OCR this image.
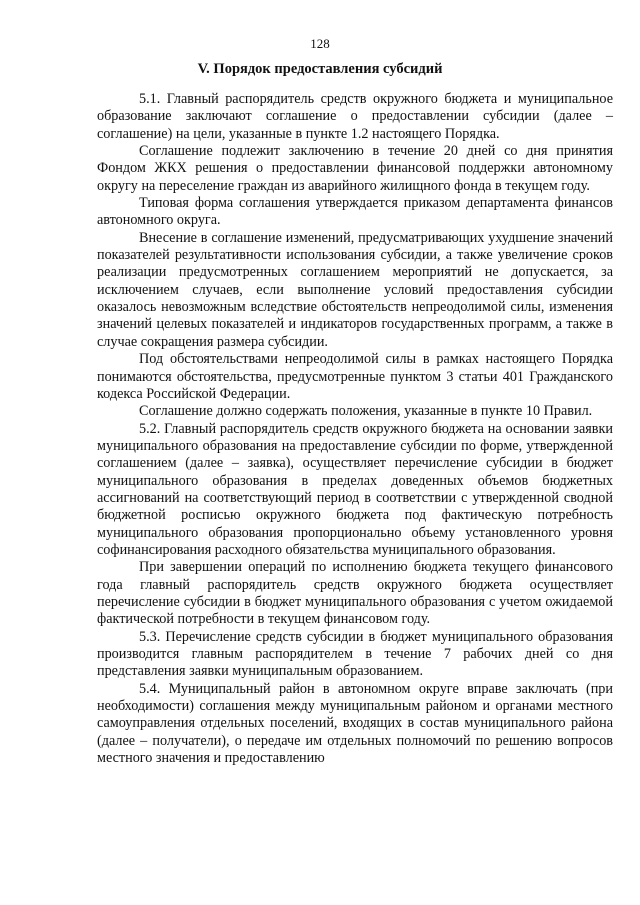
128
V. Порядок предоставления субсидий

5.1. Главный распорядитель средств окружного бюджета и муниципальное образование заключают соглашение о предоставлении субсидии (далее – соглашение) на цели, указанные в пункте 1.2 настоящего Порядка.

Соглашение подлежит заключению в течение 20 дней со дня принятия Фондом ЖКХ решения о предоставлении финансовой поддержки автономному округу на переселение граждан из аварийного жилищного фонда в текущем году.

Типовая форма соглашения утверждается приказом департамента финансов автономного округа.

Внесение в соглашение изменений, предусматривающих ухудшение значений показателей результативности использования субсидии, а также увеличение сроков реализации предусмотренных соглашением мероприятий не допускается, за исключением случаев, если выполнение условий предоставления субсидии оказалось невозможным вследствие обстоятельств непреодолимой силы, изменения значений целевых показателей и индикаторов государственных программ, а также в случае сокращения размера субсидии.

Под обстоятельствами непреодолимой силы в рамках настоящего Порядка понимаются обстоятельства, предусмотренные пунктом 3 статьи 401 Гражданского кодекса Российской Федерации.

Соглашение должно содержать положения, указанные в пункте 10 Правил.

5.2. Главный распорядитель средств окружного бюджета на основании заявки муниципального образования на предоставление субсидии по форме, утвержденной соглашением (далее – заявка), осуществляет перечисление субсидии в бюджет муниципального образования в пределах доведенных объемов бюджетных ассигнований на соответствующий период в соответствии с утвержденной сводной бюджетной росписью окружного бюджета под фактическую потребность муниципального образования пропорционально объему установленного уровня софинансирования расходного обязательства муниципального образования.

При завершении операций по исполнению бюджета текущего финансового года главный распорядитель средств окружного бюджета осуществляет перечисление субсидии в бюджет муниципального образования с учетом ожидаемой фактической потребности в текущем финансовом году.

5.3. Перечисление средств субсидии в бюджет муниципального образования производится главным распорядителем в течение 7 рабочих дней со дня представления заявки муниципальным образованием.

5.4. Муниципальный район в автономном округе вправе заключать (при необходимости) соглашения между муниципальным районом и органами местного самоуправления отдельных поселений, входящих в состав муниципального района (далее – получатели), о передаче им отдельных полномочий по решению вопросов местного значения и предоставлению
